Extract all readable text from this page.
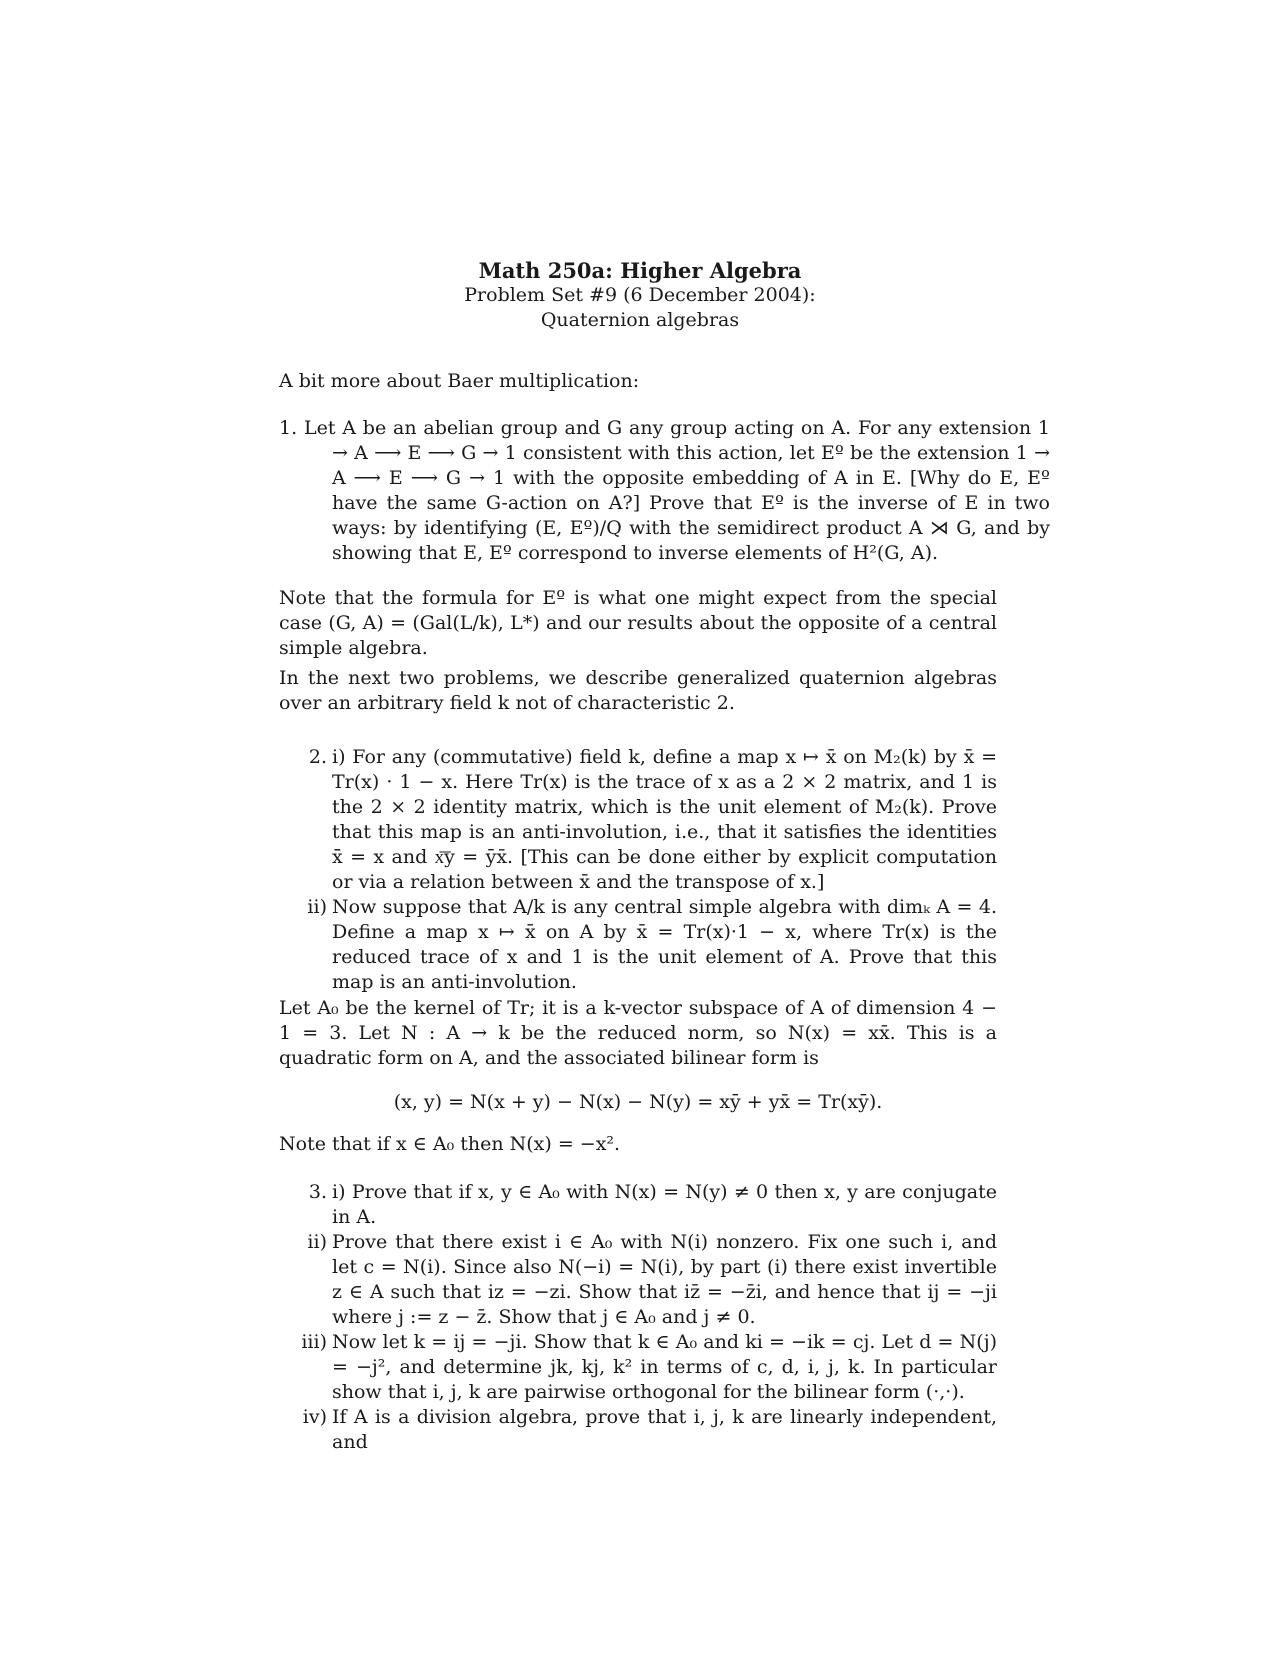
Math 250a: Higher Algebra
Problem Set #9 (6 December 2004):
Quaternion algebras
A bit more about Baer multiplication:
1. Let A be an abelian group and G any group acting on A. For any extension 1 → A ⟶ E ⟶ G → 1 consistent with this action, let Eº be the extension 1 → A ⟶ E ⟶ G → 1 with the opposite embedding of A in E. [Why do E, Eº have the same G-action on A?] Prove that Eº is the inverse of E in two ways: by identifying (E, Eº)/Q with the semidirect product A ⋊ G, and by showing that E, Eº correspond to inverse elements of H²(G, A).
Note that the formula for Eº is what one might expect from the special case (G, A) = (Gal(L/k), L*) and our results about the opposite of a central simple algebra.
In the next two problems, we describe generalized quaternion algebras over an arbitrary field k not of characteristic 2.
2. i) For any (commutative) field k, define a map x ↦ x̄ on M₂(k) by x̄ = Tr(x) · 1 − x. Here Tr(x) is the trace of x as a 2 × 2 matrix, and 1 is the 2 × 2 identity matrix, which is the unit element of M₂(k). Prove that this map is an anti-involution, i.e., that it satisfies the identities x̄̄ = x and x͞y = ȳx̄. [This can be done either by explicit computation or via a relation between x̄ and the transpose of x.]
ii) Now suppose that A/k is any central simple algebra with dimₖ A = 4. Define a map x ↦ x̄ on A by x̄ = Tr(x)·1 − x, where Tr(x) is the reduced trace of x and 1 is the unit element of A. Prove that this map is an anti-involution.
Let A₀ be the kernel of Tr; it is a k-vector subspace of A of dimension 4 − 1 = 3. Let N : A → k be the reduced norm, so N(x) = xx̄. This is a quadratic form on A, and the associated bilinear form is
(x, y) = N(x + y) − N(x) − N(y) = xȳ + yx̄ = Tr(xȳ).
Note that if x ∈ A₀ then N(x) = −x².
3. i) Prove that if x, y ∈ A₀ with N(x) = N(y) ≠ 0 then x, y are conjugate in A.
ii) Prove that there exist i ∈ A₀ with N(i) nonzero. Fix one such i, and let c = N(i). Since also N(−i) = N(i), by part (i) there exist invertible z ∈ A such that iz = −zi. Show that iz̄ = −z̄i, and hence that ij = −ji where j := z − z̄. Show that j ∈ A₀ and j ≠ 0.
iii) Now let k = ij = −ji. Show that k ∈ A₀ and ki = −ik = cj. Let d = N(j) = −j², and determine jk, kj, k² in terms of c, d, i, j, k. In particular show that i, j, k are pairwise orthogonal for the bilinear form (·,·).
iv) If A is a division algebra, prove that i, j, k are linearly independent, and
